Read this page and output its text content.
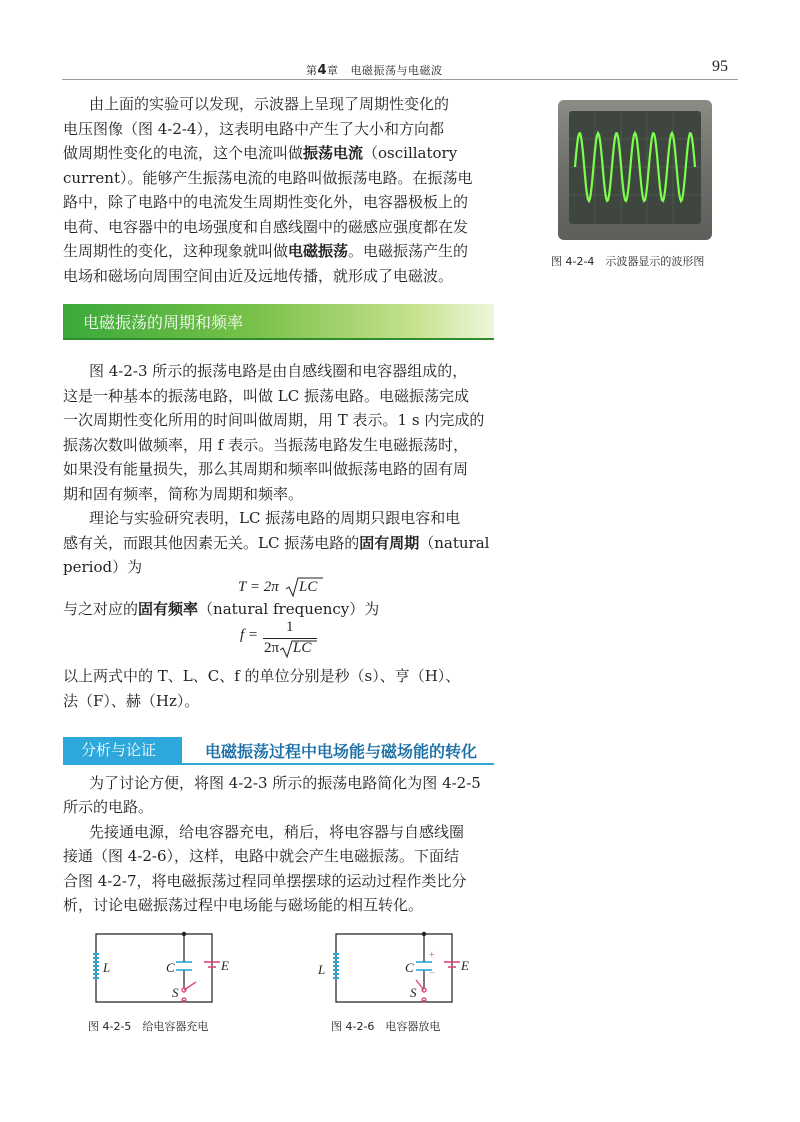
第4章 电磁振荡与电磁波	95
由上面的实验可以发现，示波器上呈现了周期性变化的
电压图像（图 4-2-4），这表明电路中产生了大小和方向都
做周期性变化的电流，这个电流叫做振荡电流（oscillatory
current）。能够产生振荡电流的电路叫做振荡电路。在振荡电
路中，除了电路中的电流发生周期性变化外，电容器极板上的
电荷、电容器中的电场强度和自感线圈中的磁感应强度都在发
生周期性的变化，这种现象就叫做电磁振荡。电磁振荡产生的
电场和磁场向周围空间由近及远地传播，就形成了电磁波。
图 4-2-4　示波器显示的波形图
电磁振荡的周期和频率
图 4-2-3 所示的振荡电路是由自感线圈和电容器组成的，
这是一种基本的振荡电路，叫做 LC 振荡电路。电磁振荡完成
一次周期性变化所用的时间叫做周期，用 T 表示。1 s 内完成的
振荡次数叫做频率，用 f 表示。当振荡电路发生电磁振荡时，
如果没有能量损失，那么其周期和频率叫做振荡电路的固有周
期和固有频率，简称为周期和频率。
理论与实验研究表明，LC 振荡电路的周期只跟电容和电
感有关，而跟其他因素无关。LC 振荡电路的固有周期（natural
period）为
T = 2π LC
与之对应的固有频率（natural frequency）为
f = 1
2π LC
以上两式中的 T、L、C、f 的单位分别是秒（s）、亨（H）、
法（F）、赫（Hz）。
分析与论证	电磁振荡过程中电场能与磁场能的转化
为了讨论方便，将图 4-2-3 所示的振荡电路简化为图 4-2-5
所示的电路。
先接通电源，给电容器充电，稍后，将电容器与自感线圈
接通（图 4-2-6），这样，电路中就会产生电磁振荡。下面结
合图 4-2-7，将电磁振荡过程同单摆摆球的运动过程作类比分
析，讨论电磁振荡过程中电场能与磁场能的相互转化。
L	C	E
S
图 4-2-5　给电容器充电
L	C	E
S
+
−
图 4-2-6　电容器放电
